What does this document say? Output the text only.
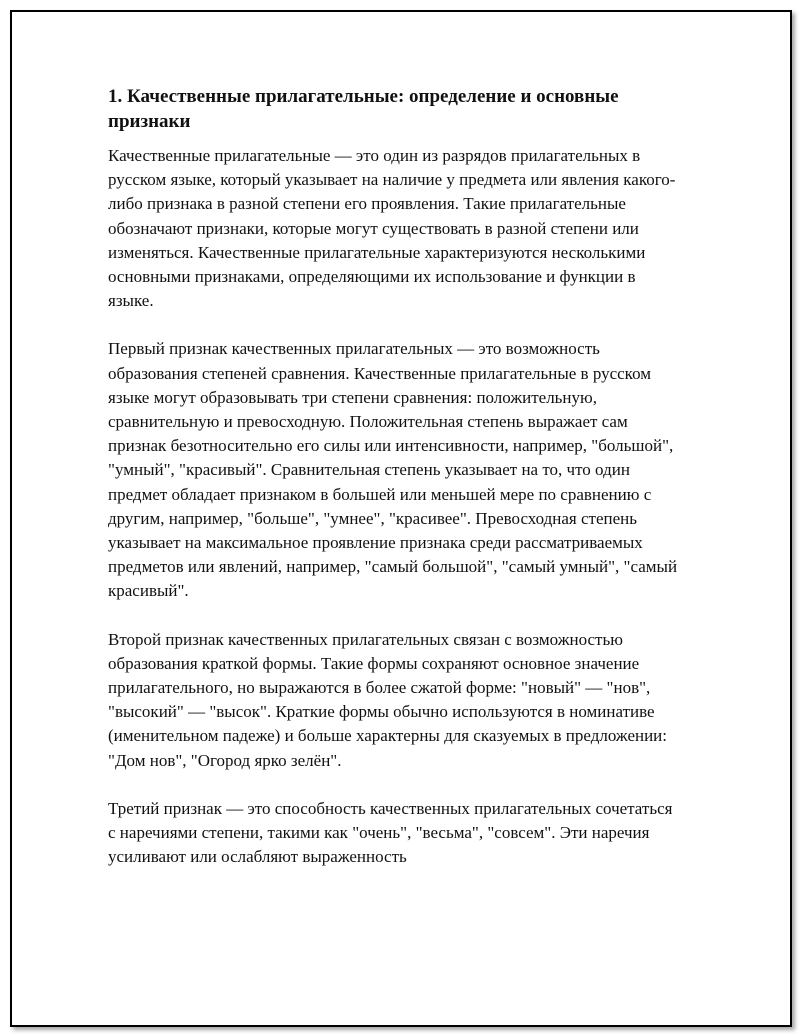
1. Качественные прилагательные: определение и основные признаки

Качественные прилагательные — это один из разрядов прилагательных в русском языке, который указывает на наличие у предмета или явления какого-либо признака в разной степени его проявления. Такие прилагательные обозначают признаки, которые могут существовать в разной степени или изменяться. Качественные прилагательные характеризуются несколькими основными признаками, определяющими их использование и функции в языке.

Первый признак качественных прилагательных — это возможность образования степеней сравнения. Качественные прилагательные в русском языке могут образовывать три степени сравнения: положительную, сравнительную и превосходную. Положительная степень выражает сам признак безотносительно его силы или интенсивности, например, "большой", "умный", "красивый". Сравнительная степень указывает на то, что один предмет обладает признаком в большей или меньшей мере по сравнению с другим, например, "больше", "умнее", "красивее". Превосходная степень указывает на максимальное проявление признака среди рассматриваемых предметов или явлений, например, "самый большой", "самый умный", "самый красивый".

Второй признак качественных прилагательных связан с возможностью образования краткой формы. Такие формы сохраняют основное значение прилагательного, но выражаются в более сжатой форме: "новый" — "нов", "высокий" — "высок". Краткие формы обычно используются в номинативе (именительном падеже) и больше характерны для сказуемых в предложении: "Дом нов", "Огород ярко зелён".

Третий признак — это способность качественных прилагательных сочетаться с наречиями степени, такими как "очень", "весьма", "совсем". Эти наречия усиливают или ослабляют выраженность
